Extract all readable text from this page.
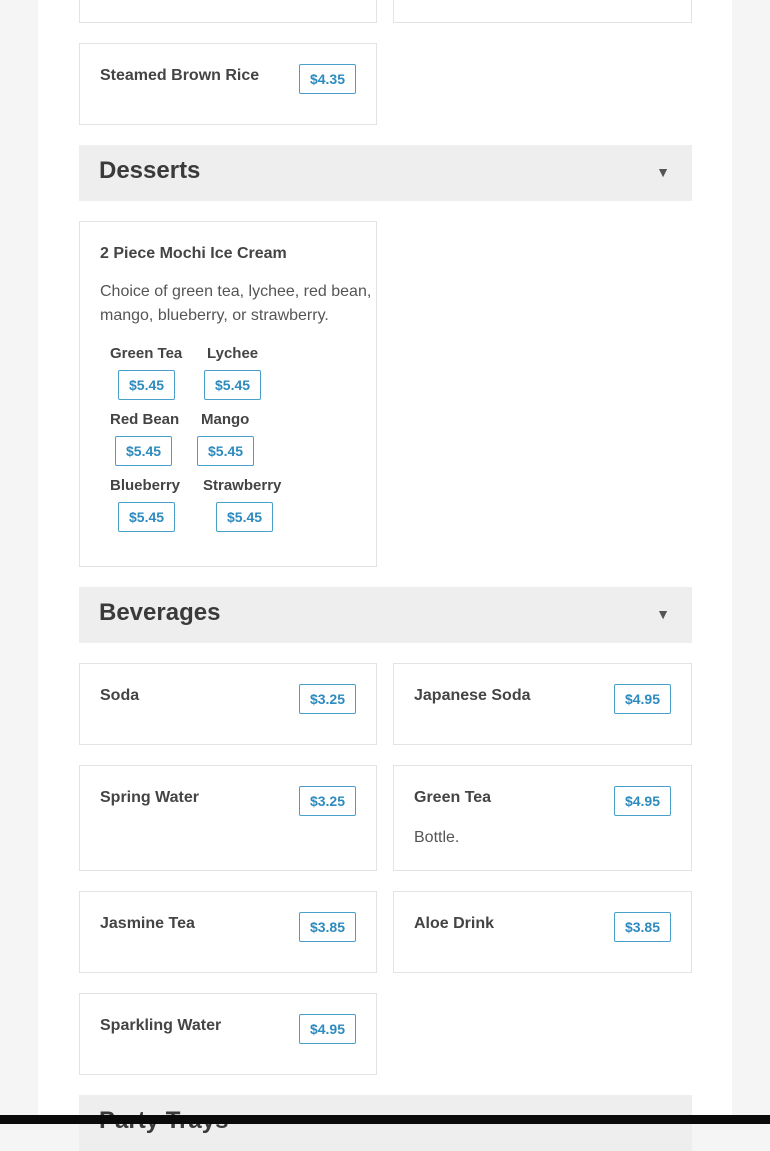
Steamed Brown Rice	$4.35
Desserts	▼
2 Piece Mochi Ice Cream
Choice of green tea, lychee, red bean,
mango, blueberry, or strawberry.
Green Tea
$5.45
Lychee
$5.45
Red Bean
$5.45
Mango
$5.45
Blueberry
$5.45
Strawberry
$5.45
Beverages	▼
Soda	$3.25	Japanese Soda	$4.95
Spring Water	$3.25	Green Tea	$4.95
Bottle.
Jasmine Tea	$3.85	Aloe Drink	$3.85
Sparkling Water	$4.95
